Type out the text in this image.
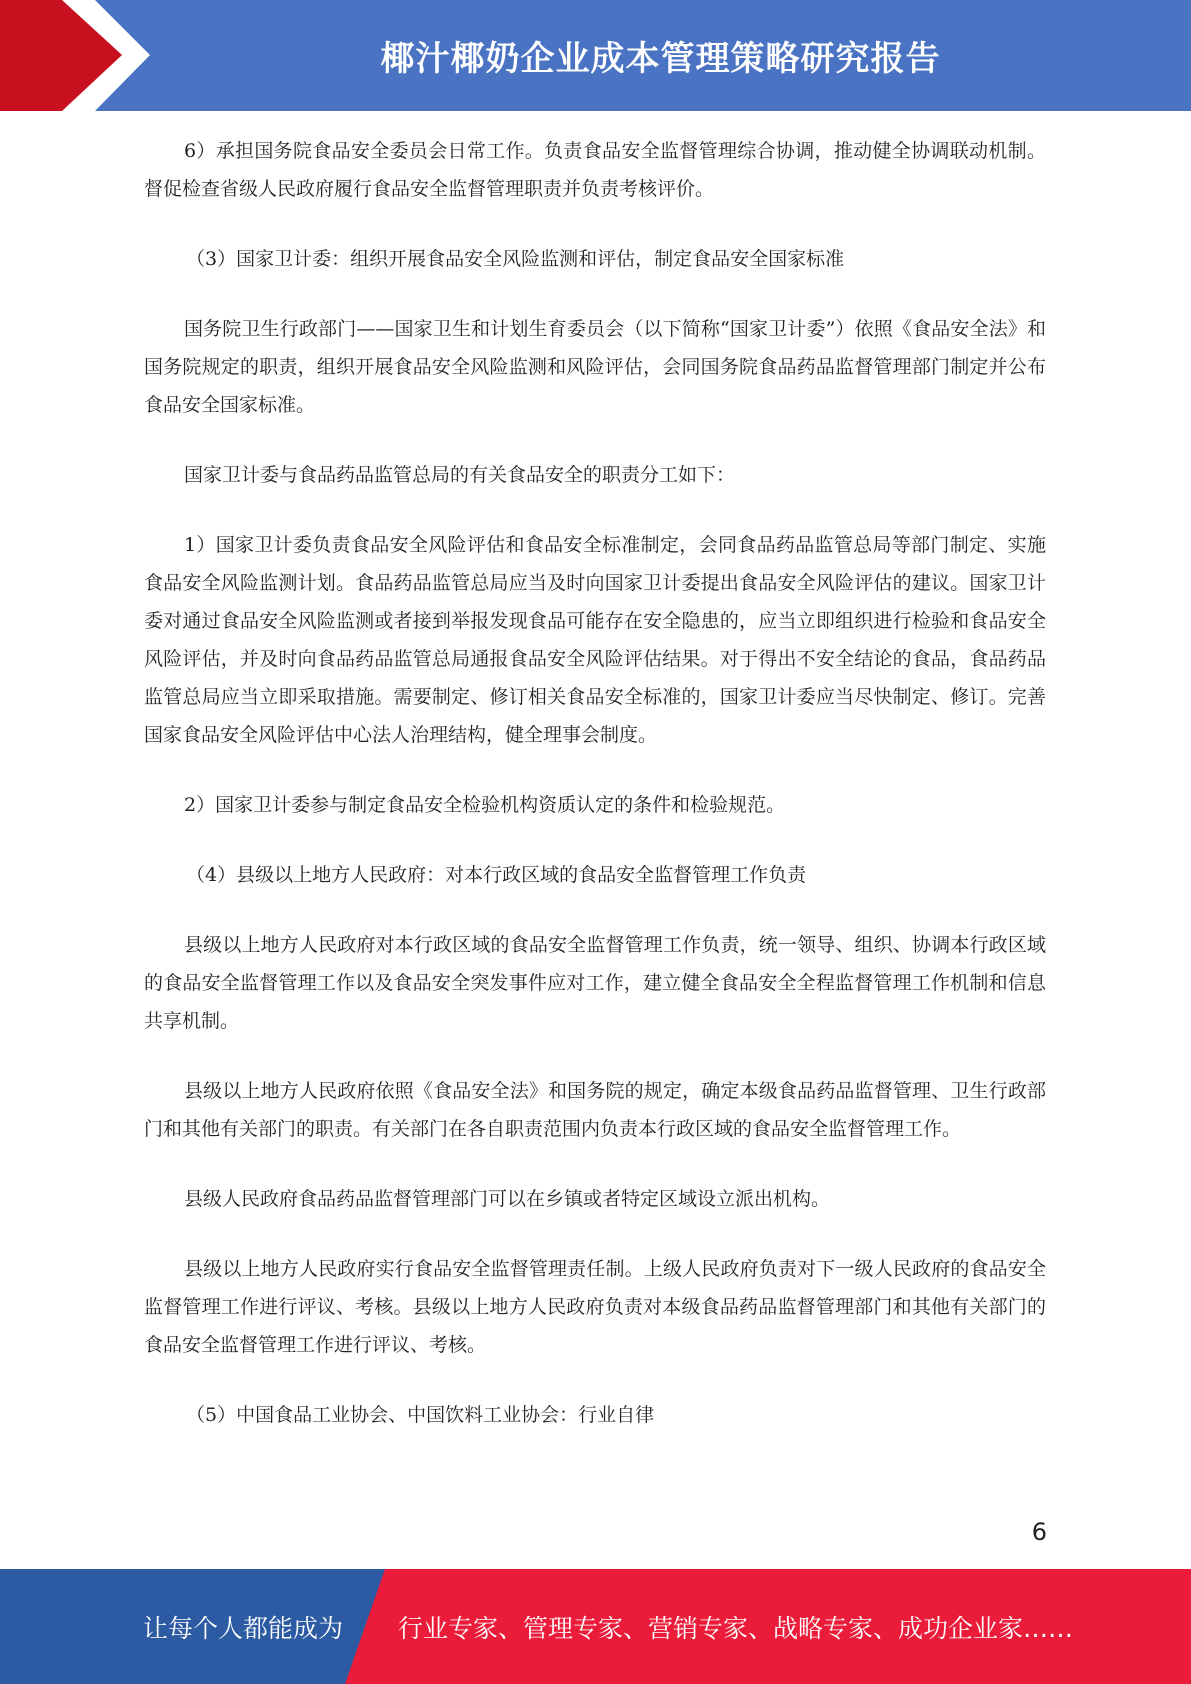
椰汁椰奶企业成本管理策略研究报告

6）承担国务院食品安全委员会日常工作。负责食品安全监督管理综合协调，推动健全协调联动机制。督促检查省级人民政府履行食品安全监督管理职责并负责考核评价。

（3）国家卫计委：组织开展食品安全风险监测和评估，制定食品安全国家标准

国务院卫生行政部门——国家卫生和计划生育委员会（以下简称“国家卫计委”）依照《食品安全法》和国务院规定的职责，组织开展食品安全风险监测和风险评估，会同国务院食品药品监督管理部门制定并公布食品安全国家标准。

国家卫计委与食品药品监管总局的有关食品安全的职责分工如下：

1）国家卫计委负责食品安全风险评估和食品安全标准制定，会同食品药品监管总局等部门制定、实施食品安全风险监测计划。食品药品监管总局应当及时向国家卫计委提出食品安全风险评估的建议。国家卫计委对通过食品安全风险监测或者接到举报发现食品可能存在安全隐患的，应当立即组织进行检验和食品安全风险评估，并及时向食品药品监管总局通报食品安全风险评估结果。对于得出不安全结论的食品，食品药品监管总局应当立即采取措施。需要制定、修订相关食品安全标准的，国家卫计委应当尽快制定、修订。完善国家食品安全风险评估中心法人治理结构，健全理事会制度。

2）国家卫计委参与制定食品安全检验机构资质认定的条件和检验规范。

（4）县级以上地方人民政府：对本行政区域的食品安全监督管理工作负责

县级以上地方人民政府对本行政区域的食品安全监督管理工作负责，统一领导、组织、协调本行政区域的食品安全监督管理工作以及食品安全突发事件应对工作，建立健全食品安全全程监督管理工作机制和信息共享机制。

县级以上地方人民政府依照《食品安全法》和国务院的规定，确定本级食品药品监督管理、卫生行政部门和其他有关部门的职责。有关部门在各自职责范围内负责本行政区域的食品安全监督管理工作。

县级人民政府食品药品监督管理部门可以在乡镇或者特定区域设立派出机构。

县级以上地方人民政府实行食品安全监督管理责任制。上级人民政府负责对下一级人民政府的食品安全监督管理工作进行评议、考核。县级以上地方人民政府负责对本级食品药品监督管理部门和其他有关部门的食品安全监督管理工作进行评议、考核。

（5）中国食品工业协会、中国饮料工业协会：行业自律

6
让每个人都能成为 行业专家、管理专家、营销专家、战略专家、成功企业家……
